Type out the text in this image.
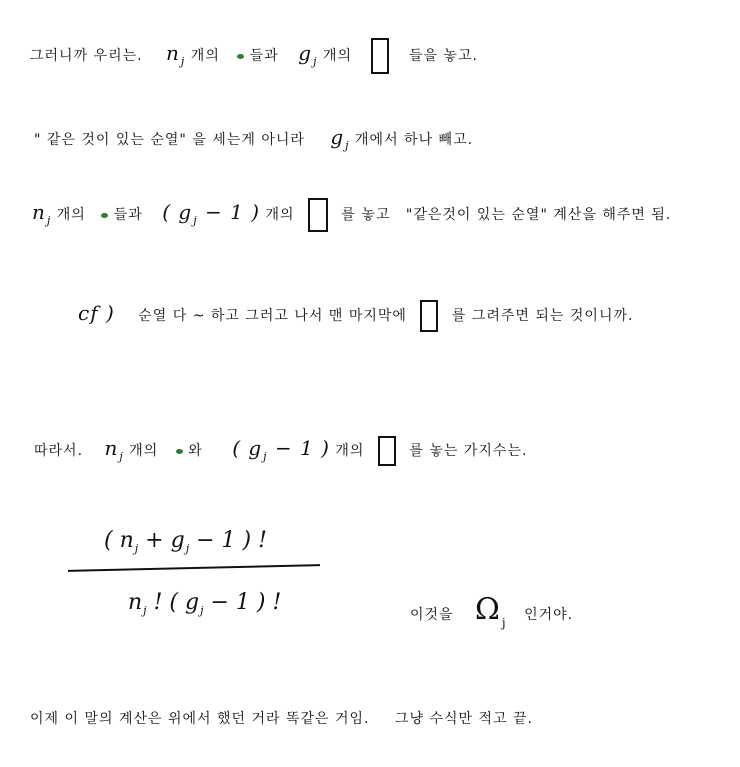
그러니까 우리는. $n_j$ 개의 들과 $g_j$ 개의	들을 놓고.
" 같은 것이 있는 순열" 을 세는게 아니라 $g_j$ 개에서 하나 빼고.
$n_j$ 개의 들과 ( $g_j - 1$ ) 개의	를 놓고 "같은것이 있는 순열" 계산을 해주면 됨.
cf ) 순열 다 ~ 하고 그러고 나서 맨 마지막에	를 그려주면 되는 것이니까.
따라서. $n_j$ 개의 와 ( $g_j - 1$ ) 개의	를 놓는 가지수는.
( $n_j + g_j - 1$ ) !
$n_j$ ! ( $g_j - 1$ ) !	이것을 $\Omega_j$ 인거야.
이제 이 말의 계산은 위에서 했던 거라 똑같은 거임. 그냥 수식만 적고 끝.
